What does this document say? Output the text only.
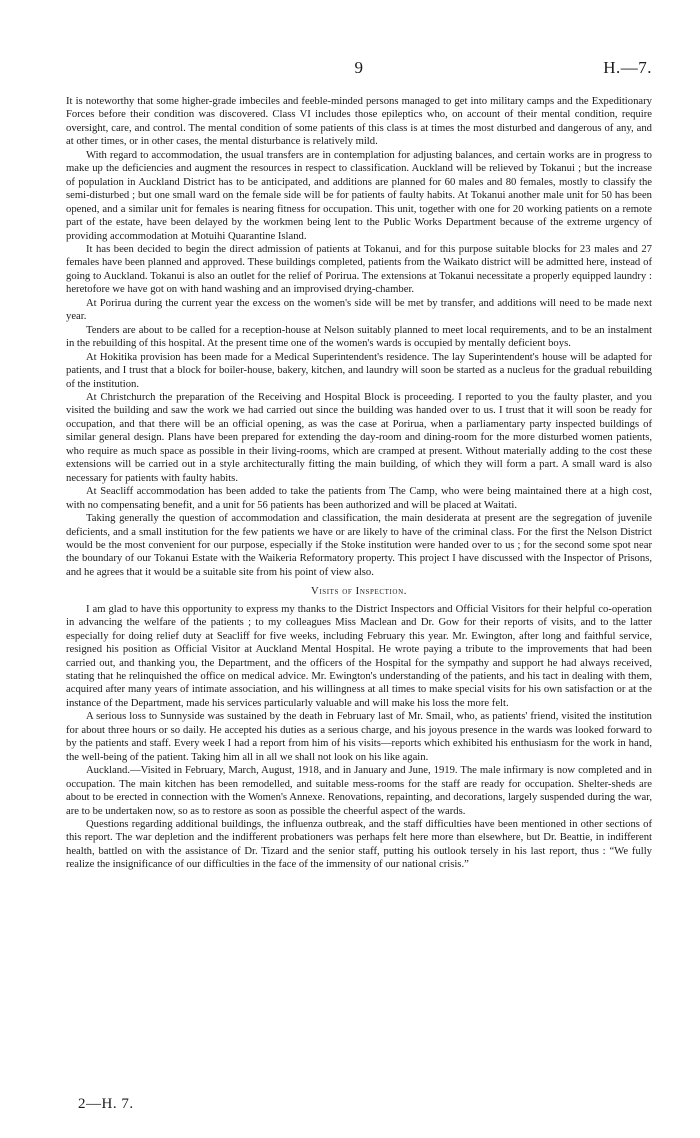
9	H.—7.

It is noteworthy that some higher-grade imbeciles and feeble-minded persons managed to get into military camps and the Expeditionary Forces before their condition was discovered. Class VI includes those epileptics who, on account of their mental condition, require oversight, care, and control. The mental condition of some patients of this class is at times the most disturbed and dangerous of any, and at other times, or in other cases, the mental disturbance is relatively mild.

With regard to accommodation, the usual transfers are in contemplation for adjusting balances, and certain works are in progress to make up the deficiencies and augment the resources in respect to classification. Auckland will be relieved by Tokanui ; but the increase of population in Auckland District has to be anticipated, and additions are planned for 60 males and 80 females, mostly to classify the semi-disturbed ; but one small ward on the female side will be for patients of faulty habits. At Tokanui another male unit for 50 has been opened, and a similar unit for females is nearing fitness for occupation. This unit, together with one for 20 working patients on a remote part of the estate, have been delayed by the workmen being lent to the Public Works Department because of the extreme urgency of providing accommodation at Motuihi Quarantine Island.

It has been decided to begin the direct admission of patients at Tokanui, and for this purpose suitable blocks for 23 males and 27 females have been planned and approved. These buildings completed, patients from the Waikato district will be admitted here, instead of going to Auckland. Tokanui is also an outlet for the relief of Porirua. The extensions at Tokanui necessitate a properly equipped laundry : heretofore we have got on with hand washing and an improvised drying-chamber.

At Porirua during the current year the excess on the women's side will be met by transfer, and additions will need to be made next year.

Tenders are about to be called for a reception-house at Nelson suitably planned to meet local requirements, and to be an instalment in the rebuilding of this hospital. At the present time one of the women's wards is occupied by mentally deficient boys.

At Hokitika provision has been made for a Medical Superintendent's residence. The lay Superintendent's house will be adapted for patients, and I trust that a block for boiler-house, bakery, kitchen, and laundry will soon be started as a nucleus for the gradual rebuilding of the institution.

At Christchurch the preparation of the Receiving and Hospital Block is proceeding. I reported to you the faulty plaster, and you visited the building and saw the work we had carried out since the building was handed over to us. I trust that it will soon be ready for occupation, and that there will be an official opening, as was the case at Porirua, when a parliamentary party inspected buildings of similar general design. Plans have been prepared for extending the day-room and dining-room for the more disturbed women patients, who require as much space as possible in their living-rooms, which are cramped at present. Without materially adding to the cost these extensions will be carried out in a style architecturally fitting the main building, of which they will form a part. A small ward is also necessary for patients with faulty habits.

At Seacliff accommodation has been added to take the patients from The Camp, who were being maintained there at a high cost, with no compensating benefit, and a unit for 56 patients has been authorized and will be placed at Waitati.

Taking generally the question of accommodation and classification, the main desiderata at present are the segregation of juvenile deficients, and a small institution for the few patients we have or are likely to have of the criminal class. For the first the Nelson District would be the most convenient for our purpose, especially if the Stoke institution were handed over to us ; for the second some spot near the boundary of our Tokanui Estate with the Waikeria Reformatory property. This project I have discussed with the Inspector of Prisons, and he agrees that it would be a suitable site from his point of view also.

Visits of Inspection.

I am glad to have this opportunity to express my thanks to the District Inspectors and Official Visitors for their helpful co-operation in advancing the welfare of the patients ; to my colleagues Miss Maclean and Dr. Gow for their reports of visits, and to the latter especially for doing relief duty at Seacliff for five weeks, including February this year. Mr. Ewington, after long and faithful service, resigned his position as Official Visitor at Auckland Mental Hospital. He wrote paying a tribute to the improvements that had been carried out, and thanking you, the Department, and the officers of the Hospital for the sympathy and support he had always received, stating that he relinquished the office on medical advice. Mr. Ewington's understanding of the patients, and his tact in dealing with them, acquired after many years of intimate association, and his willingness at all times to make special visits for his own satisfaction or at the instance of the Department, made his services particularly valuable and will make his loss the more felt.

A serious loss to Sunnyside was sustained by the death in February last of Mr. Smail, who, as patients' friend, visited the institution for about three hours or so daily. He accepted his duties as a serious charge, and his joyous presence in the wards was looked forward to by the patients and staff. Every week I had a report from him of his visits—reports which exhibited his enthusiasm for the work in hand, the well-being of the patient. Taking him all in all we shall not look on his like again.

Auckland.—Visited in February, March, August, 1918, and in January and June, 1919. The male infirmary is now completed and in occupation. The main kitchen has been remodelled, and suitable mess-rooms for the staff are ready for occupation. Shelter-sheds are about to be erected in connection with the Women's Annexe. Renovations, repainting, and decorations, largely suspended during the war, are to be undertaken now, so as to restore as soon as possible the cheerful aspect of the wards.

Questions regarding additional buildings, the influenza outbreak, and the staff difficulties have been mentioned in other sections of this report. The war depletion and the indifferent probationers was perhaps felt here more than elsewhere, but Dr. Beattie, in indifferent health, battled on with the assistance of Dr. Tizard and the senior staff, putting his outlook tersely in his last report, thus : “We fully realize the insignificance of our difficulties in the face of the immensity of our national crisis.”

2—H. 7.
